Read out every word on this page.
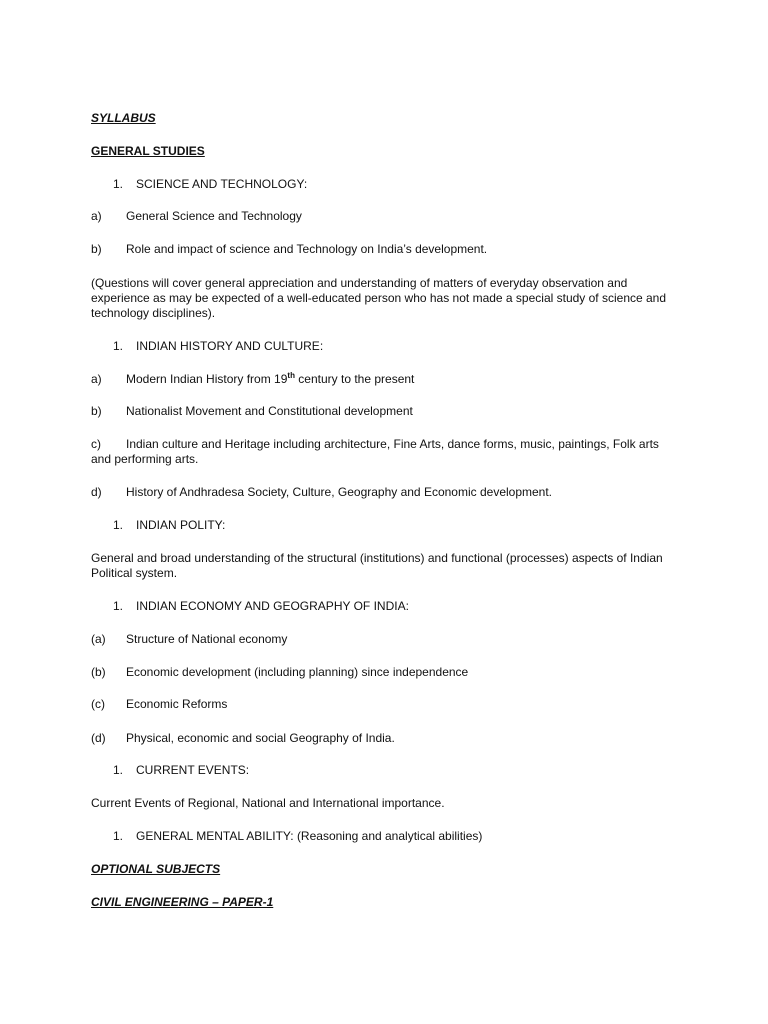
SYLLABUS
GENERAL STUDIES
1. SCIENCE AND TECHNOLOGY:
a) General Science and Technology
b) Role and impact of science and Technology on India’s development.
(Questions will cover general appreciation and understanding of matters of everyday observation and experience as may be expected of a well-educated person who has not made a special study of science and technology disciplines).
1. INDIAN HISTORY AND CULTURE:
a) Modern Indian History from 19th century to the present
b) Nationalist Movement and Constitutional development
c) Indian culture and Heritage including architecture, Fine Arts, dance forms, music, paintings, Folk arts and performing arts.
d) History of Andhradesa Society, Culture, Geography and Economic development.
1. INDIAN POLITY:
General and broad understanding of the structural (institutions) and functional (processes) aspects of Indian Political system.
1. INDIAN ECONOMY AND GEOGRAPHY OF INDIA:
(a) Structure of National economy
(b) Economic development (including planning) since independence
(c) Economic Reforms
(d) Physical, economic and social Geography of India.
1. CURRENT EVENTS:
Current Events of Regional, National and International importance.
1. GENERAL MENTAL ABILITY: (Reasoning and analytical abilities)
OPTIONAL SUBJECTS
CIVIL ENGINEERING – PAPER-1
